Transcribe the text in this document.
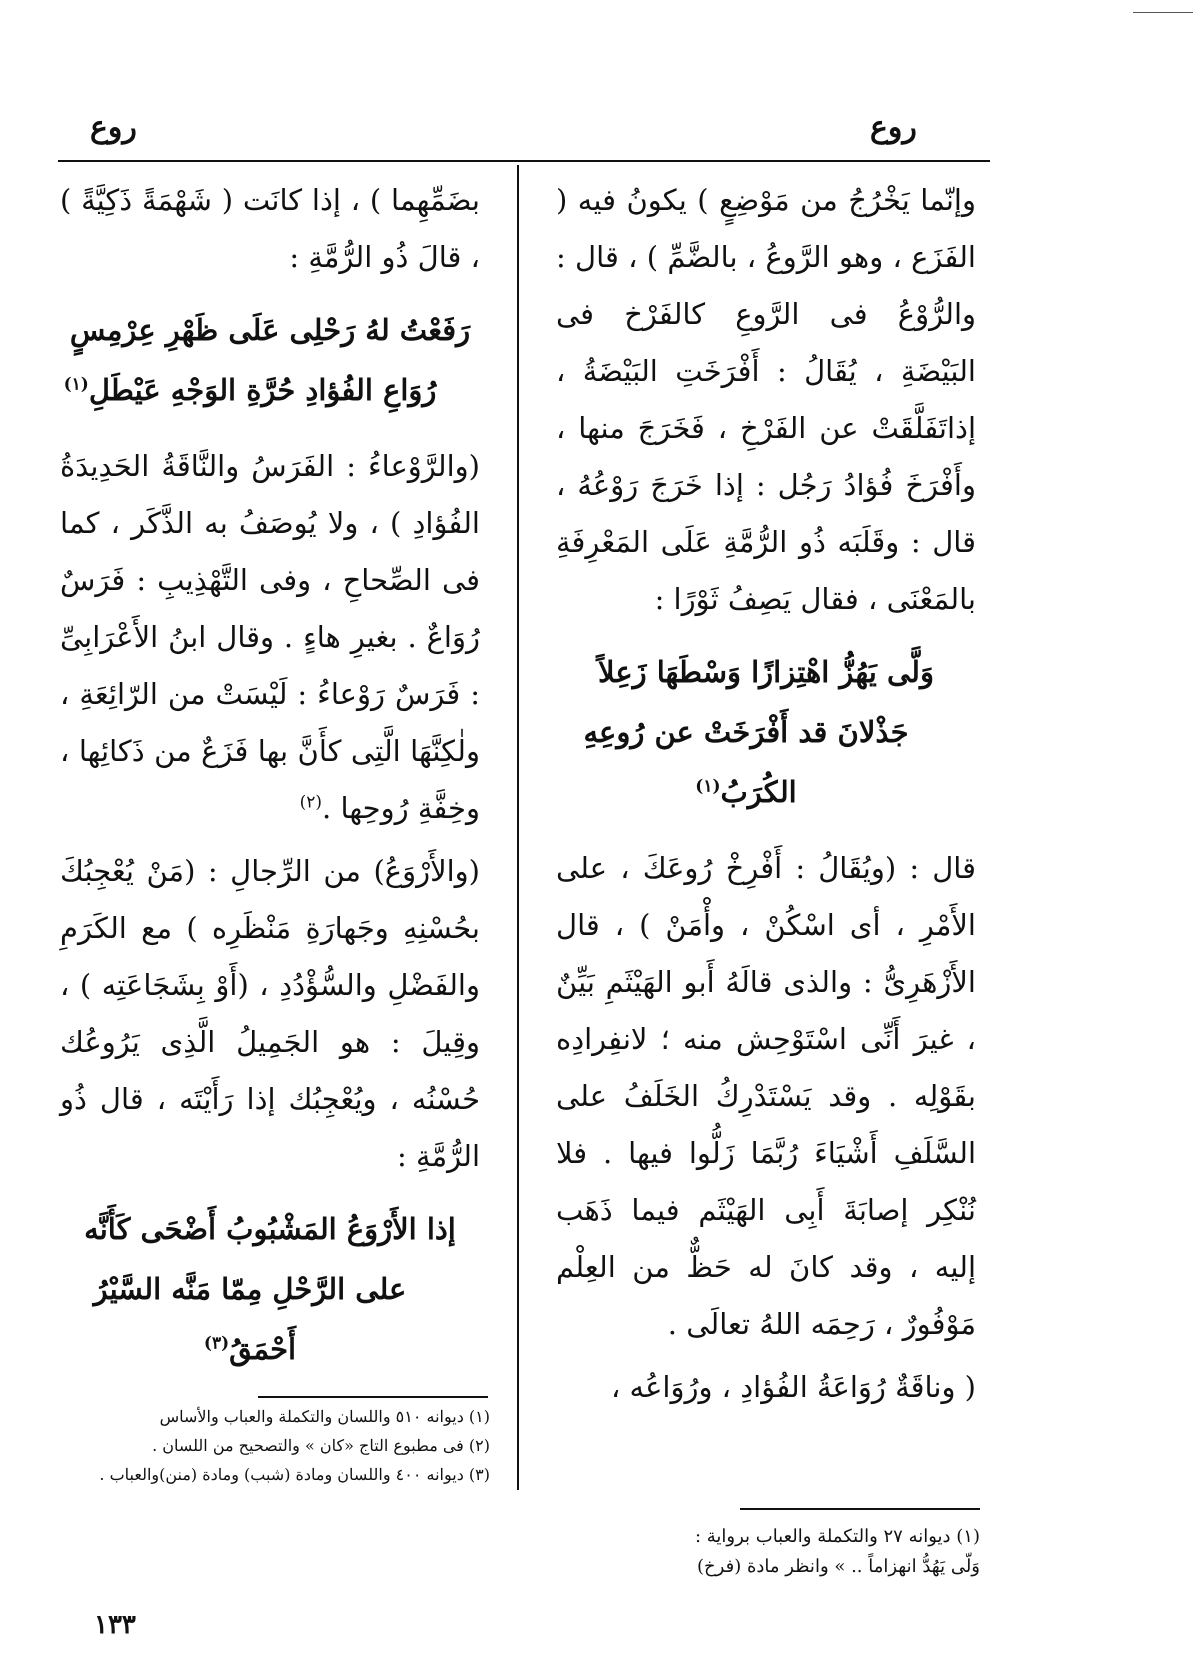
روع
روع

وإنّما يَخْرُجُ من مَوْضِعٍ ) يكونُ فيه ( الفَزَع ، وهو الرَّوعُ ، بالضَّمِّ ) ، قال : والرُّوْعُ فى الرَّوعِ كالفَرْخ فى البَيْضَةِ ، يُقَالُ : أَفْرَخَتِ البَيْضَةُ ، إذاتَفَلَّقَتْ عن الفَرْخِ ، فَخَرَجَ منها ، وأَفْرَخَ فُؤادُ رَجُل : إذا خَرَجَ رَوْعُهُ ، قال : وقَلَبَه ذُو الرُّمَّةِ عَلَى المَعْرِفَةِ بالمَعْنَى ، فقال يَصِفُ ثَوْرًا :

وَلَّى يَهُزُّ اهْتِزازًا وَسْطَهَا زَعِلاً
جَذْلانَ قد أَفْرَخَتْ عن رُوعِهِ الكُرَبُ$^{(١)}$

قال : (ويُقَالُ : أَفْرِخْ رُوعَكَ ، على الأَمْرِ ، أى اسْكُنْ ، وأْمَنْ ) ، قال الأَزْهَرِىُّ : والذى قالَهُ أَبو الهَيْثَمِ بَيِّنٌ ، غيرَ أَنِّى اسْتَوْحِش منه ؛ لانفِرادِه بقَوْلِه . وقد يَسْتَدْرِكُ الخَلَفُ على السَّلَفِ أَشْيَاءَ رُبَّمَا زَلُّوا فيها . فلا نُنْكِر إصابَةَ أَبِى الهَيْثَم فيما ذَهَب إليه ، وقد كانَ له حَظٌّ من العِلْم مَوْفُورٌ ، رَحِمَه اللهُ تعالَى .

( وناقَةٌ رُوَاعَةُ الفُؤادِ ، ورُوَاعُه ،

بضَمِّهِما ) ، إذا كانَت ( شَهْمَةً ذَكِيَّةً ) ، قالَ ذُو الرُّمَّةِ :

رَفَعْتُ لهُ رَحْلِى عَلَى ظَهْرِ عِرْمِسٍ
رُوَاعِ الفُؤادِ حُرَّةِ الوَجْهِ عَيْطَلِ$^{(١)}$

(والرَّوْعاءُ : الفَرَسُ والنَّاقَةُ الحَدِيدَةُ الفُؤادِ ) ، ولا يُوصَفُ به الذَّكَر ، كما فى الصِّحاحِ ، وفى التَّهْذِيبِ : فَرَسٌ رُوَاعٌ . بغيرِ هاءٍ . وقال ابنُ الأَعْرَابِىِّ : فَرَسٌ رَوْعاءُ : لَيْسَتْ من الرّائِعَةِ ، ولٰكِنَّهَا الَّتِى كأَنَّ بها فَزَعٌ من ذَكائِها ، وخِفَّةِ رُوحِها .$^{(٢)}$

(والأَرْوَعُ) من الرِّجالِ : (مَنْ يُعْجِبُكَ بحُسْنِهِ وجَهارَةِ مَنْظَرِه ) مع الكَرَمِ والفَضْلِ والسُّؤْدُدِ ، (أَوْ بِشَجَاعَتِه ) ، وقِيلَ : هو الجَمِيلُ الَّذِى يَرُوعُك حُسْنُه ، ويُعْجِبُك إذا رَأَيْتَه ، قال ذُو الرُّمَّةِ :

إذا الأَرْوَعُ المَشْبُوبُ أَضْحَى كَأَنَّه
على الرَّحْلِ مِمّا مَنَّه السَّيْرُ أَحْمَقُ$^{(٣)}$
(١) ديوانه ٢٧ والتكملة والعباب برواية :
وَلَّى يَهُدُّ انهزاماً .. » وانظر مادة (فرخ)
(١) ديوانه ٥١٠ واللسان والتكملة والعباب والأساس
(٢) فى مطبوع التاج «كان » والتصحيح من اللسان .
(٣) ديوانه ٤٠٠ واللسان ومادة (شبب) ومادة (منن)والعباب .
١٣٣
